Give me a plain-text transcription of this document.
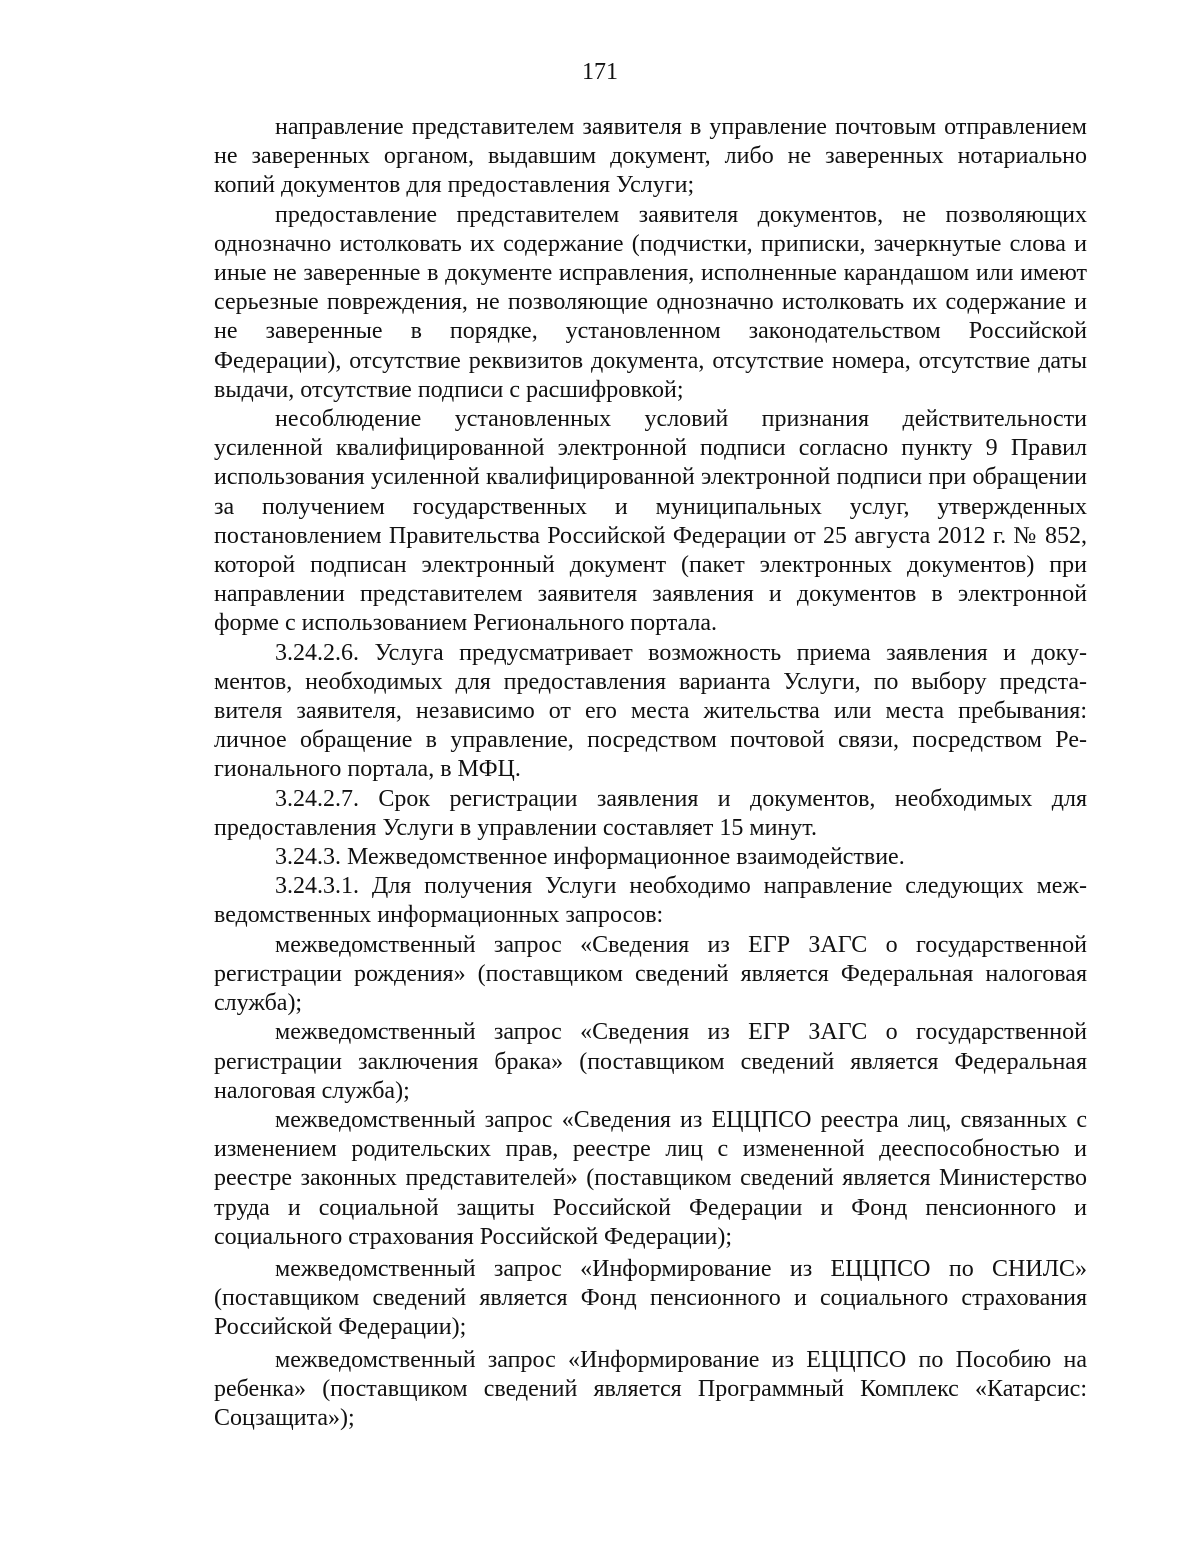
171

направление представителем заявителя в управление почтовым отправлением не заверенных органом, выдавшим документ, либо не заверенных нотариально копий документов для предоставления Услуги;

предоставление представителем заявителя документов, не позволяющих однозначно истолковать их содержание (подчистки, приписки, зачеркнутые слова и иные не заверенные в документе исправления, исполненные карандашом или имеют серьезные повреждения, не позволяющие однозначно истолковать их содержание и не заверенные в порядке, установленном законодательством Российской Федерации), отсутствие реквизитов документа, отсутствие номера, отсутствие даты выдачи, отсутствие подписи с расшифровкой;

несоблюдение установленных условий признания действительности усиленной квалифицированной электронной подписи согласно пункту 9 Правил использования усиленной квалифицированной электронной подписи при обращении за получением государственных и муниципальных услуг, утвержденных постановлением Правительства Российской Федерации от 25 августа 2012 г. № 852, которой подписан электронный документ (пакет электронных документов) при направлении представителем заявителя заявления и документов в электронной форме с использованием Регионального портала.

3.24.2.6. Услуга предусматривает возможность приема заявления и документов, необходимых для предоставления варианта Услуги, по выбору представителя заявителя, независимо от его места жительства или места пребывания: личное обращение в управление, посредством почтовой связи, посредством Регионального портала, в МФЦ.

3.24.2.7. Срок регистрации заявления и документов, необходимых для предоставления Услуги в управлении составляет 15 минут.

3.24.3. Межведомственное информационное взаимодействие.

3.24.3.1. Для получения Услуги необходимо направление следующих межведомственных информационных запросов:

межведомственный запрос «Сведения из ЕГР ЗАГС о государственной регистрации рождения» (поставщиком сведений является Федеральная налоговая служба);

межведомственный запрос «Сведения из ЕГР ЗАГС о государственной регистрации заключения брака» (поставщиком сведений является Федеральная налоговая служба);

межведомственный запрос «Сведения из ЕЦЦПСО реестра лиц, связанных с изменением родительских прав, реестре лиц с измененной дееспособностью и реестре законных представителей» (поставщиком сведений является Министерство труда и социальной защиты Российской Федерации и Фонд пенсионного и социального страхования Российской Федерации);

межведомственный запрос «Информирование из ЕЦЦПСО по СНИЛС» (поставщиком сведений является Фонд пенсионного и социального страхования Российской Федерации);

межведомственный запрос «Информирование из ЕЦЦПСО по Пособию на ребенка» (поставщиком сведений является Программный Комплекс «Катарсис: Соцзащита»);
